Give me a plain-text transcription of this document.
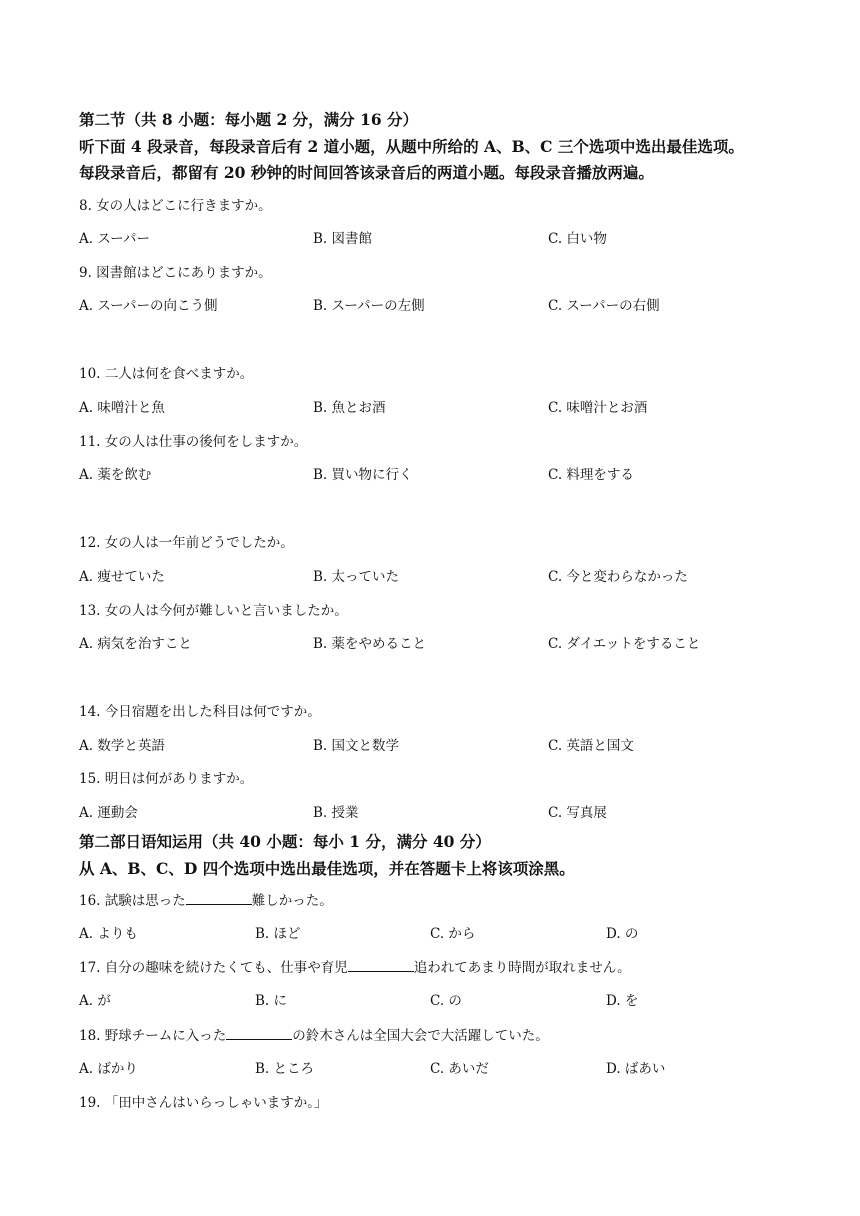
第二节（共 8 小题：每小题 2 分，满分 16 分）
听下面 4 段录音，每段录音后有 2 道小题，从题中所给的 A、B、C 三个选项中选出最佳选项。
每段录音后，都留有 20 秒钟的时间回答该录音后的两道小题。每段录音播放两遍。
8. 女の人はどこに行きますか。
A. スーパー	B. 図書館	C. 白い物
9. 図書館はどこにありますか。
A. スーパーの向こう側	B. スーパーの左側	C. スーパーの右側
10. 二人は何を食べますか。
A. 味噌汁と魚	B. 魚とお酒	C. 味噌汁とお酒
11. 女の人は仕事の後何をしますか。
A. 薬を飲む	B. 買い物に行く	C. 料理をする
12. 女の人は一年前どうでしたか。
A. 痩せていた	B. 太っていた	C. 今と変わらなかった
13. 女の人は今何が難しいと言いましたか。
A. 病気を治すこと	B. 薬をやめること	C. ダイエットをすること
14. 今日宿題を出した科目は何ですか。
A. 数学と英語	B. 国文と数学	C. 英語と国文
15. 明日は何がありますか。
A. 運動会	B. 授業	C. 写真展
第二部日语知运用（共 40 小题：每小 1 分，满分 40 分）
从 A、B、C、D 四个选项中选出最佳选项，并在答题卡上将该项涂黑。
16. 試験は思った	難しかった。
A. よりも	B. ほど	C. から	D. の
17. 自分の趣味を続けたくても、仕事や育児	追われてあまり時間が取れません。
A. が	B. に	C. の	D. を
18. 野球チームに入った	の鈴木さんは全国大会で大活躍していた。
A. ばかり	B. ところ	C. あいだ	D. ばあい
19. 「田中さんはいらっしゃいますか。」
